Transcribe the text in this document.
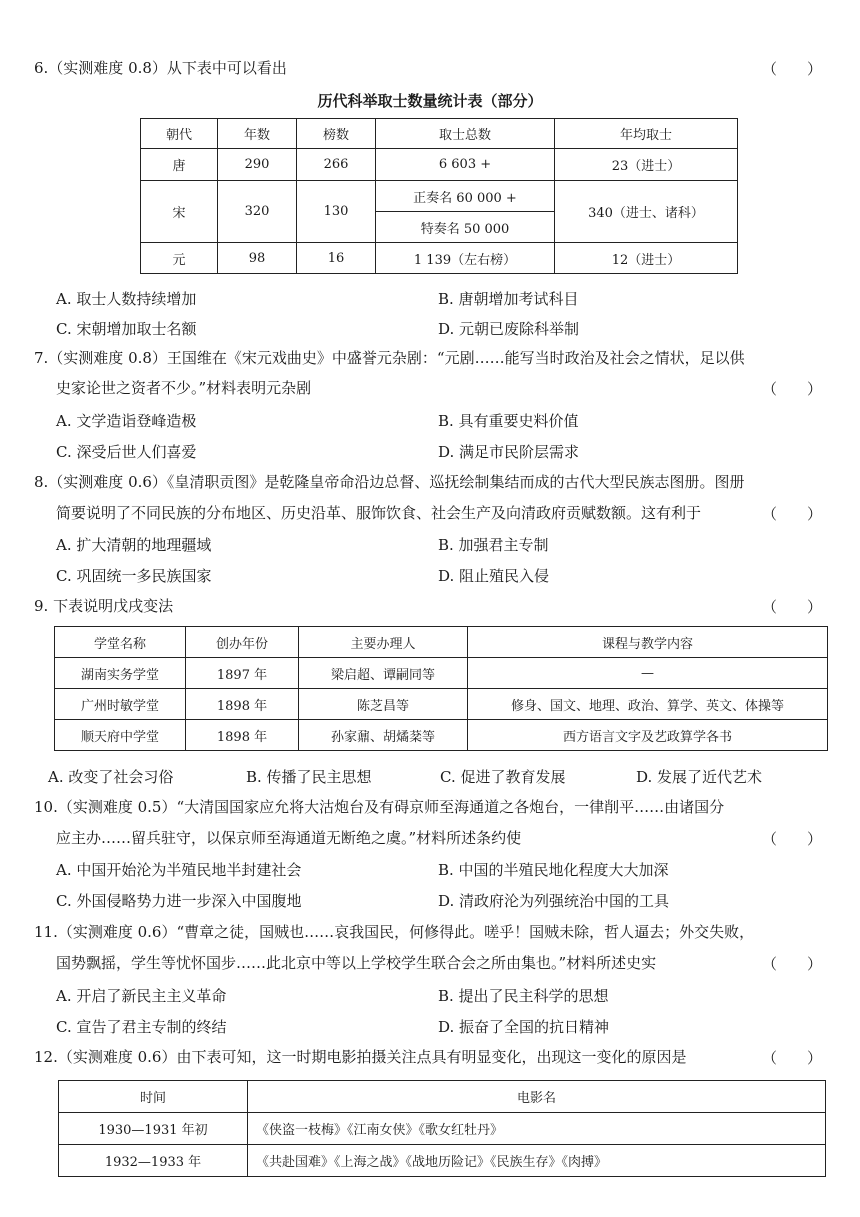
6.（实测难度 0.8）从下表中可以看出	（　　）
历代科举取士数量统计表（部分）
朝代	年数	榜数	取士总数	年均取士
唐	290	266	6 603 +	23（进士）
宋	320	130	正奏名 60 000 +	340（进士、诸科）
			特奏名 50 000	
元	98	16	1 139（左右榜）	12（进士）
A. 取士人数持续增加	B. 唐朝增加考试科目
C. 宋朝增加取士名额	D. 元朝已废除科举制
7.（实测难度 0.8）王国维在《宋元戏曲史》中盛誉元杂剧：“元剧……能写当时政治及社会之情状，足以供
史家论世之资者不少。”材料表明元杂剧	（　　）
A. 文学造诣登峰造极	B. 具有重要史料价值
C. 深受后世人们喜爱	D. 满足市民阶层需求
8.（实测难度 0.6）《皇清职贡图》是乾隆皇帝命沿边总督、巡抚绘制集结而成的古代大型民族志图册。图册
简要说明了不同民族的分布地区、历史沿革、服饰饮食、社会生产及向清政府贡赋数额。这有利于	（　　）
A. 扩大清朝的地理疆域	B. 加强君主专制
C. 巩固统一多民族国家	D. 阻止殖民入侵
9. 下表说明戊戌变法	（　　）
学堂名称	创办年份	主要办理人	课程与教学内容
湖南实务学堂	1897 年	梁启超、谭嗣同等	—
广州时敏学堂	1898 年	陈芝昌等	修身、国文、地理、政治、算学、英文、体操等
顺天府中学堂	1898 年	孙家鼐、胡燏棻等	西方语言文字及艺政算学各书
A. 改变了社会习俗	B. 传播了民主思想	C. 促进了教育发展	D. 发展了近代艺术
10.（实测难度 0.5）“大清国国家应允将大沽炮台及有碍京师至海通道之各炮台，一律削平……由诸国分
应主办……留兵驻守，以保京师至海通道无断绝之虞。”材料所述条约使	（　　）
A. 中国开始沦为半殖民地半封建社会	B. 中国的半殖民地化程度大大加深
C. 外国侵略势力进一步深入中国腹地	D. 清政府沦为列强统治中国的工具
11.（实测难度 0.6）“曹章之徒，国贼也……哀我国民，何修得此。嗟乎！国贼未除，哲人逼去；外交失败，
国势飘摇，学生等忧怀国步……此北京中等以上学校学生联合会之所由集也。”材料所述史实	（　　）
A. 开启了新民主主义革命	B. 提出了民主科学的思想
C. 宣告了君主专制的终结	D. 振奋了全国的抗日精神
12.（实测难度 0.6）由下表可知，这一时期电影拍摄关注点具有明显变化，出现这一变化的原因是	（　　）
时间	电影名
1930—1931 年初	《侠盗一枝梅》《江南女侠》《歌女红牡丹》
1932—1933 年	《共赴国难》《上海之战》《战地历险记》《民族生存》《肉搏》
